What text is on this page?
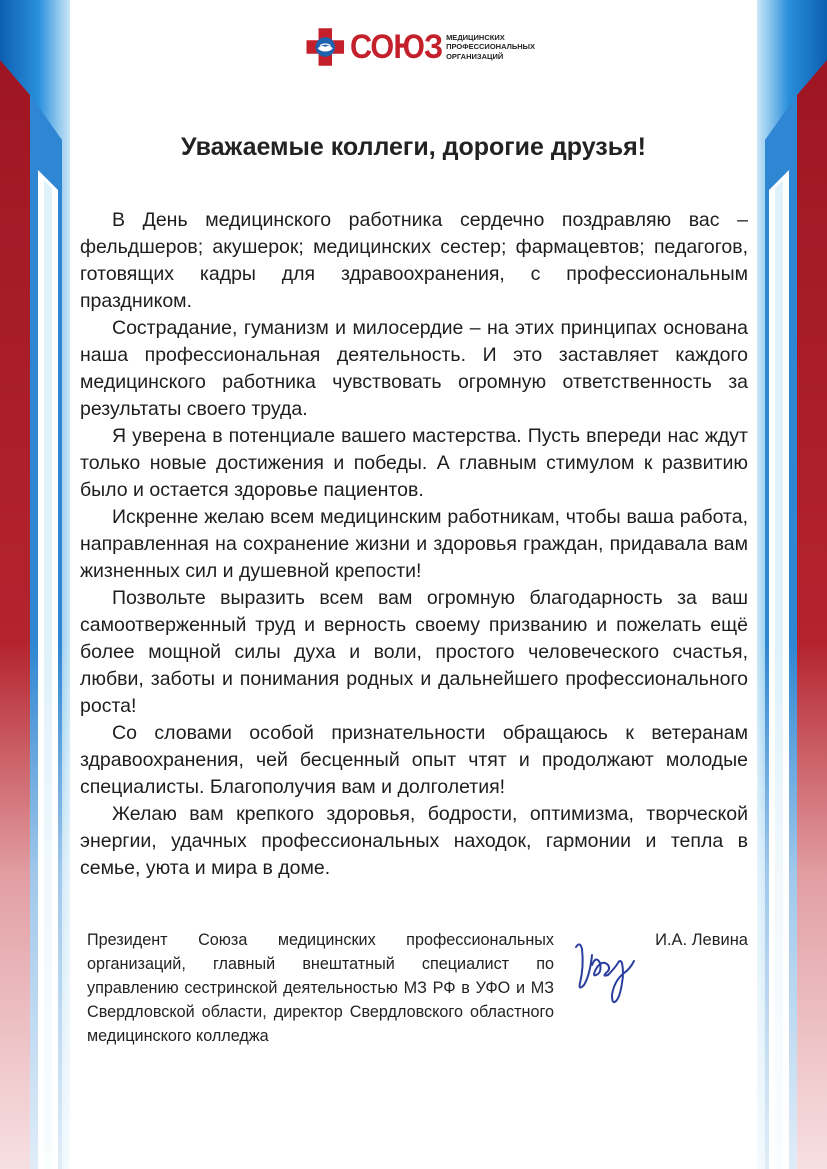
СОЮЗ МЕДИЦИНСКИХ
ПРОФЕССИОНАЛЬНЫХ
ОРГАНИЗАЦИЙ
Уважаемые коллеги, дорогие друзья!

В День медицинского работника сердечно поздравляю вас – фельдшеров; акушерок; медицинских сестер; фармацевтов; педагогов, готовящих кадры для здравоохранения, с профессиональным праздником.

Сострадание, гуманизм и милосердие – на этих принципах основана наша профессиональная деятельность. И это заставляет каждого медицинского работника чувствовать огромную ответственность за результаты своего труда.

Я уверена в потенциале вашего мастерства. Пусть впереди нас ждут только новые достижения и победы. А главным стимулом к развитию было и остается здоровье пациентов.

Искренне желаю всем медицинским работникам, чтобы ваша работа, направленная на сохранение жизни и здоровья граждан, придавала вам жизненных сил и душевной крепости!

Позвольте выразить всем вам огромную благодарность за ваш самоотверженный труд и верность своему призванию и пожелать ещё более мощной силы духа и воли, простого человеческого счастья, любви, заботы и понимания родных и дальнейшего профессионального роста!

Со словами особой признательности обращаюсь к ветеранам здравоохранения, чей бесценный опыт чтят и продолжают молодые специалисты. Благополучия вам и долголетия!

Желаю вам крепкого здоровья, бодрости, оптимизма, творческой энергии, удачных профессиональных находок, гармонии и тепла в семье, уюта и мира в доме.

Президент Союза медицинских профессиональных организаций, главный внештатный специалист по управлению сестринской деятельностью МЗ РФ в УФО и МЗ Свердловской области, директор Свердловского областного медицинского колледжа
И.А. Левина
